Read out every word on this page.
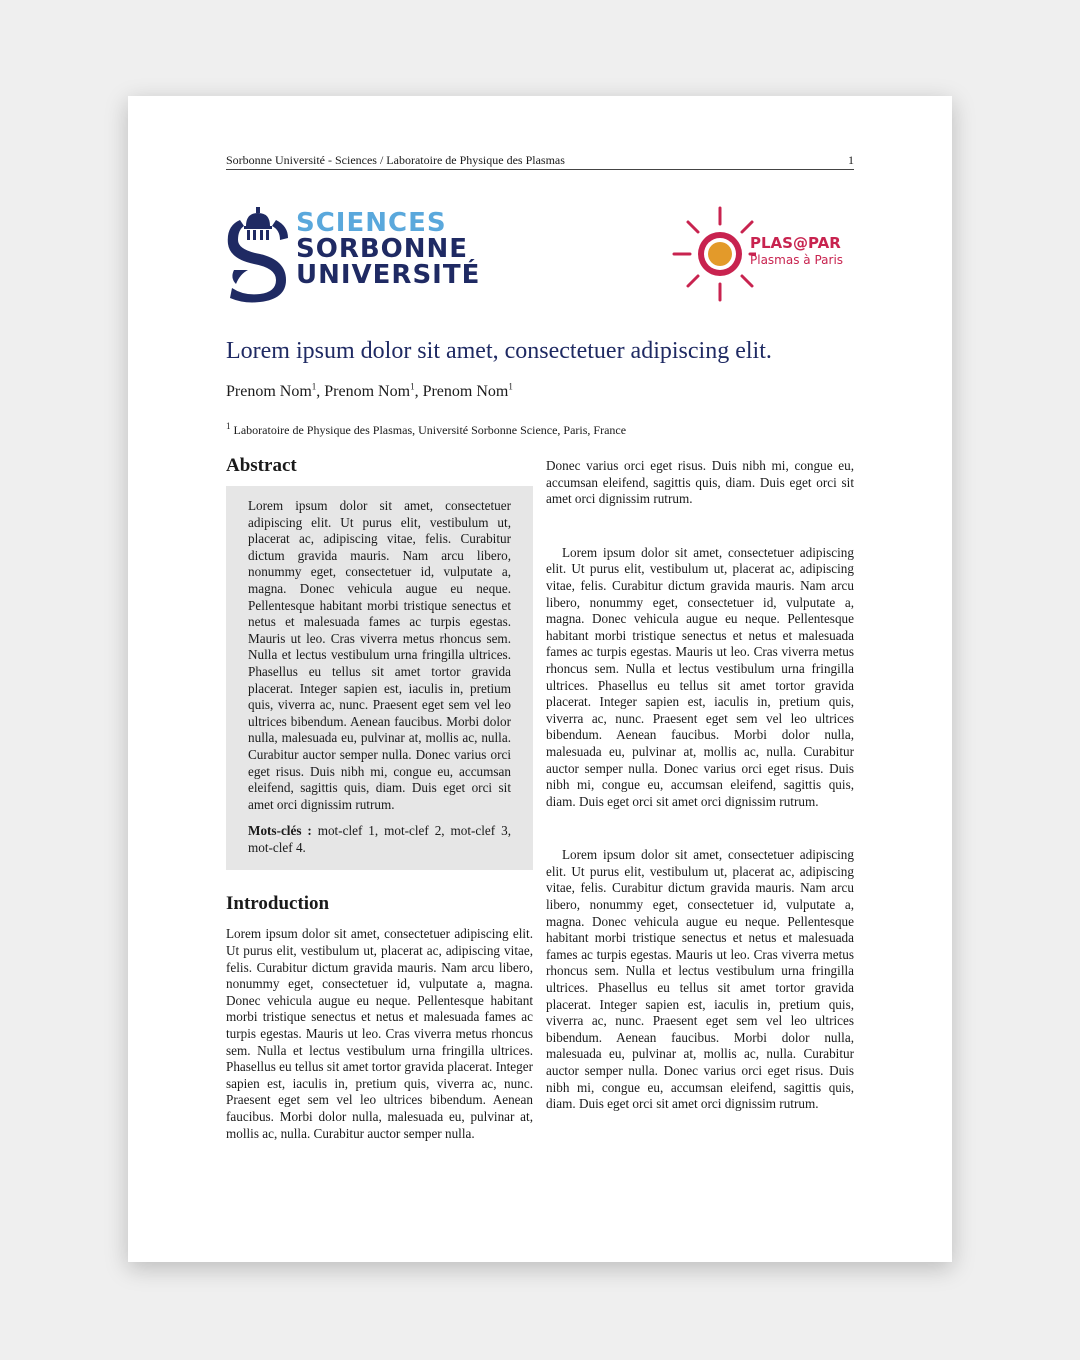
Sorbonne Université - Sciences / Laboratoire de Physique des Plasmas	1
SCIENCES
SORBONNE
UNIVERSITÉ
PLAS@PAR
Plasmas à Paris
Lorem ipsum dolor sit amet, consectetuer adipiscing elit.
Prenom Nom$^1$, Prenom Nom$^1$, Prenom Nom$^1$
$^1$ Laboratoire de Physique des Plasmas, Université Sorbonne Science, Paris, France
Abstract
Lorem ipsum dolor sit amet, consectetuer adipiscing elit. Ut purus elit, vestibulum ut, placerat ac, adipiscing vitae, felis. Curabitur dictum gravida mauris. Nam arcu libero, nonummy eget, consectetuer id, vulputate a, magna. Donec vehicula augue eu neque. Pellentesque habitant morbi tristique senectus et netus et malesuada fames ac turpis egestas. Mauris ut leo. Cras viverra metus rhoncus sem. Nulla et lectus vestibulum urna fringilla ultrices. Phasellus eu tellus sit amet tortor gravida placerat. Integer sapien est, iaculis in, pretium quis, viverra ac, nunc. Praesent eget sem vel leo ultrices bibendum. Aenean faucibus. Morbi dolor nulla, malesuada eu, pulvinar at, mollis ac, nulla. Curabitur auctor semper nulla. Donec varius orci eget risus. Duis nibh mi, congue eu, accumsan eleifend, sagittis quis, diam. Duis eget orci sit amet orci dignissim rutrum.
Mots-clés : mot-clef 1, mot-clef 2, mot-clef 3, mot-clef 4.
Introduction

Lorem ipsum dolor sit amet, consectetuer adipiscing elit. Ut purus elit, vestibulum ut, placerat ac, adipiscing vitae, felis. Curabitur dictum gravida mauris. Nam arcu libero, nonummy eget, consectetuer id, vulputate a, magna. Donec vehicula augue eu neque. Pellentesque habitant morbi tristique senectus et netus et malesuada fames ac turpis egestas. Mauris ut leo. Cras viverra metus rhoncus sem. Nulla et lectus vestibulum urna fringilla ultrices. Phasellus eu tellus sit amet tortor gravida placerat. Integer sapien est, iaculis in, pretium quis, viverra ac, nunc. Praesent eget sem vel leo ultrices bibendum. Aenean faucibus. Morbi dolor nulla, malesuada eu, pulvinar at, mollis ac, nulla. Curabitur auctor semper nulla.

Donec varius orci eget risus. Duis nibh mi, congue eu, accumsan eleifend, sagittis quis, diam. Duis eget orci sit amet orci dignissim rutrum.

Lorem ipsum dolor sit amet, consectetuer adipiscing elit. Ut purus elit, vestibulum ut, placerat ac, adipiscing vitae, felis. Curabitur dictum gravida mauris. Nam arcu libero, nonummy eget, consectetuer id, vulputate a, magna. Donec vehicula augue eu neque. Pellentesque habitant morbi tristique senectus et netus et malesuada fames ac turpis egestas. Mauris ut leo. Cras viverra metus rhoncus sem. Nulla et lectus vestibulum urna fringilla ultrices. Phasellus eu tellus sit amet tortor gravida placerat. Integer sapien est, iaculis in, pretium quis, viverra ac, nunc. Praesent eget sem vel leo ultrices bibendum. Aenean faucibus. Morbi dolor nulla, malesuada eu, pulvinar at, mollis ac, nulla. Curabitur auctor semper nulla. Donec varius orci eget risus. Duis nibh mi, congue eu, accumsan eleifend, sagittis quis, diam. Duis eget orci sit amet orci dignissim rutrum.

Lorem ipsum dolor sit amet, consectetuer adipiscing elit. Ut purus elit, vestibulum ut, placerat ac, adipiscing vitae, felis. Curabitur dictum gravida mauris. Nam arcu libero, nonummy eget, consectetuer id, vulputate a, magna. Donec vehicula augue eu neque. Pellentesque habitant morbi tristique senectus et netus et malesuada fames ac turpis egestas. Mauris ut leo. Cras viverra metus rhoncus sem. Nulla et lectus vestibulum urna fringilla ultrices. Phasellus eu tellus sit amet tortor gravida placerat. Integer sapien est, iaculis in, pretium quis, viverra ac, nunc. Praesent eget sem vel leo ultrices bibendum. Aenean faucibus. Morbi dolor nulla, malesuada eu, pulvinar at, mollis ac, nulla. Curabitur auctor semper nulla. Donec varius orci eget risus. Duis nibh mi, congue eu, accumsan eleifend, sagittis quis, diam. Duis eget orci sit amet orci dignissim rutrum.
